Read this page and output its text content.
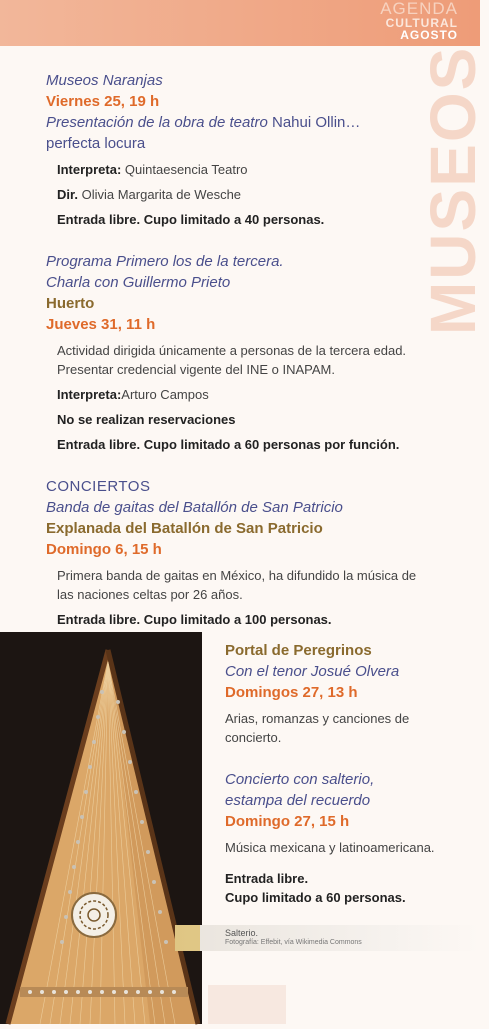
AGENDA
CULTURAL
AGOSTO
MUSEOS
Museos Naranjas
Viernes 25, 19 h
Presentación de la obra de teatro Nahui Ollin…
perfecta locura
Interpreta: Quintaesencia Teatro
Dir. Olivia Margarita de Wesche
Entrada libre. Cupo limitado a 40 personas.
Programa Primero los de la tercera.
Charla con Guillermo Prieto
Huerto
Jueves 31, 11 h
Actividad dirigida únicamente a personas de la tercera edad. Presentar credencial vigente del INE o INAPAM.
Interpreta:Arturo Campos
No se realizan reservaciones
Entrada libre. Cupo limitado a 60 personas por función.
CONCIERTOS
Banda de gaitas del Batallón de San Patricio
Explanada del Batallón de San Patricio
Domingo 6, 15 h
Primera banda de gaitas en México, ha difundido la música de las naciones celtas por 26 años.
Entrada libre. Cupo limitado a 100 personas.
Portal de Peregrinos
Con el tenor Josué Olvera
Domingos 27, 13 h
Arias, romanzas y canciones de concierto.
Concierto con salterio,
estampa del recuerdo
Domingo 27, 15 h
Música mexicana y latinoamericana.
Entrada libre.
Cupo limitado a 60 personas.
Salterio.
Fotografía: Effebit, vía Wikimedia Commons
